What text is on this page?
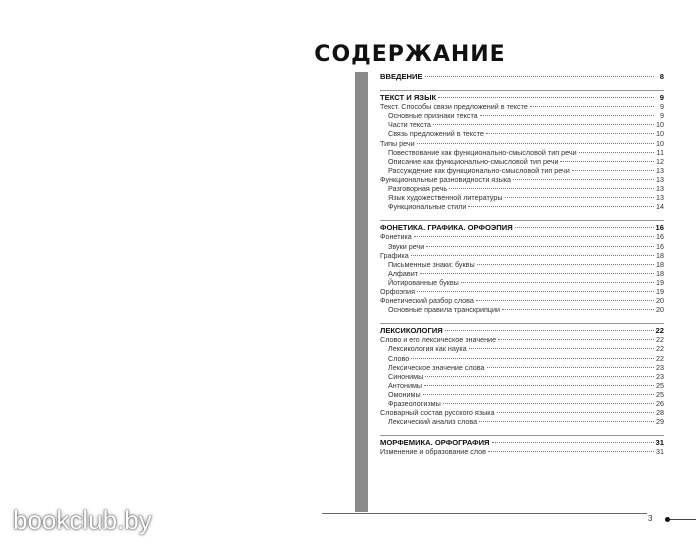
СОДЕРЖАНИЕ
ВВЕДЕНИЕ	8
ТЕКСТ И ЯЗЫК	9
Текст. Способы связи предложений в тексте	9
Основные признаки текста	9
Части текста	10
Связь предложений в тексте	10
Типы речи	10
Повествование как функционально-смысловой тип речи	11
Описание как функционально-смысловой тип речи	12
Рассуждение как функционально-смысловой тип речи	13
Функциональные разновидности языка	13
Разговорная речь	13
Язык художественной литературы	13
Функциональные стили	14
ФОНЕТИКА. ГРАФИКА. ОРФОЭПИЯ	16
Фонетика	16
Звуки речи	16
Графика	18
Письменные знаки: буквы	18
Алфавит	18
Йотированные буквы	19
Орфоэпия	19
Фонетический разбор слова	20
Основные правила транскрипции	20
ЛЕКСИКОЛОГИЯ	22
Слово и его лексическое значение	22
Лексикология как наука	22
Слово	22
Лексическое значение слова	23
Синонимы	23
Антонимы	25
Омонимы	25
Фразеологизмы	26
Словарный состав русского языка	28
Лексический анализ слова	29
МОРФЕМИКА. ОРФОГРАФИЯ	31
Изменение и образование слов	31
3
bookclub.by
